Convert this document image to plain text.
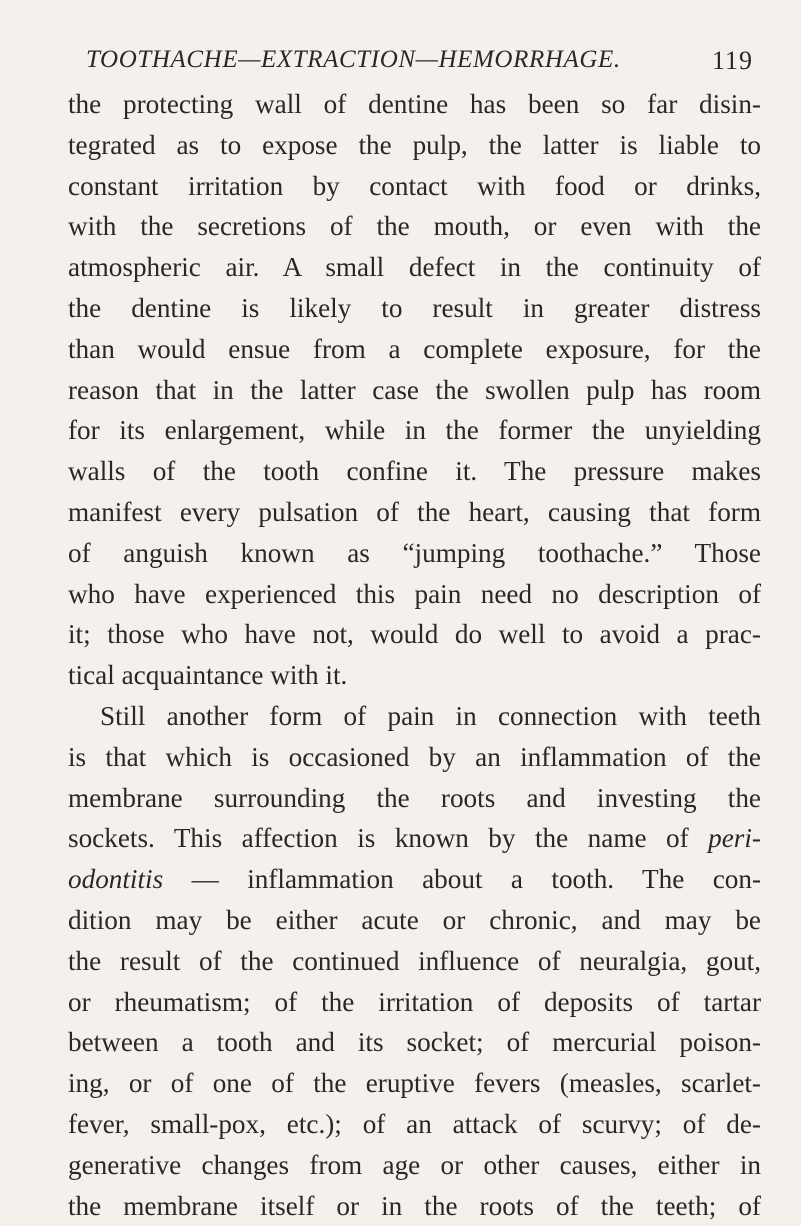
TOOTHACHE—EXTRACTION—HEMORRHAGE.	119
the protecting wall of dentine has been so far disin-
tegrated as to expose the pulp, the latter is liable to
constant irritation by contact with food or drinks,
with the secretions of the mouth, or even with the
atmospheric air. A small defect in the continuity of
the dentine is likely to result in greater distress
than would ensue from a complete exposure, for the
reason that in the latter case the swollen pulp has room
for its enlargement, while in the former the unyielding
walls of the tooth confine it. The pressure makes
manifest every pulsation of the heart, causing that form
of anguish known as “jumping toothache.” Those
who have experienced this pain need no description of
it; those who have not, would do well to avoid a prac-
tical acquaintance with it.
Still another form of pain in connection with teeth
is that which is occasioned by an inflammation of the
membrane surrounding the roots and investing the
sockets. This affection is known by the name of peri-
odontitis — inflammation about a tooth. The con-
dition may be either acute or chronic, and may be
the result of the continued influence of neuralgia, gout,
or rheumatism; of the irritation of deposits of tartar
between a tooth and its socket; of mercurial poison-
ing, or of one of the eruptive fevers (measles, scarlet-
fever, small-pox, etc.); of an attack of scurvy; of de-
generative changes from age or other causes, either in
the membrane itself or in the roots of the teeth; of
